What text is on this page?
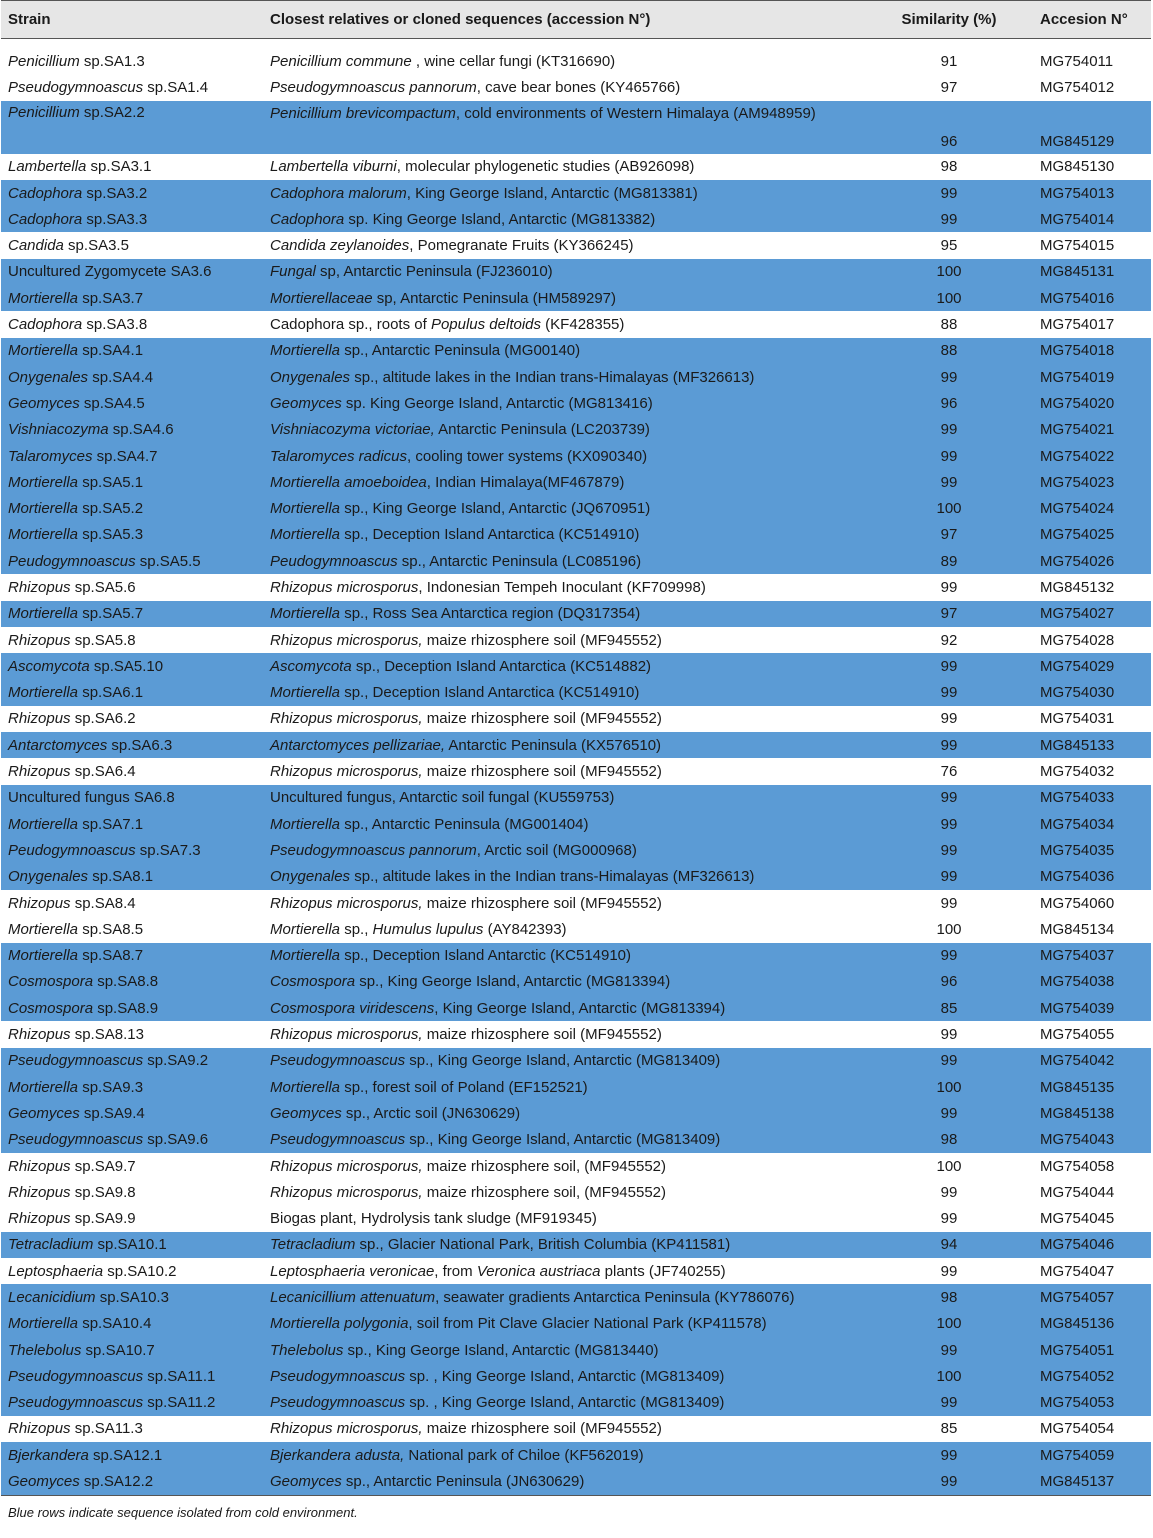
Strain	Closest relatives or cloned sequences (accession N°)	Similarity (%)	Accesion N°

Penicillium sp.SA1.3	Penicillium commune , wine cellar fungi (KT316690)	91	MG754011
Pseudogymnoascus sp.SA1.4	Pseudogymnoascus pannorum, cave bear bones (KY465766)	97	MG754012
Penicillium sp.SA2.2	Penicillium brevicompactum, cold environments of Western Himalaya (AM948959)	96	MG845129
Lambertella sp.SA3.1	Lambertella viburni, molecular phylogenetic studies (AB926098)	98	MG845130
Cadophora sp.SA3.2	Cadophora malorum, King George Island, Antarctic (MG813381)	99	MG754013
Cadophora sp.SA3.3	Cadophora sp. King George Island, Antarctic (MG813382)	99	MG754014
Candida sp.SA3.5	Candida zeylanoides, Pomegranate Fruits (KY366245)	95	MG754015
Uncultured Zygomycete SA3.6	Fungal sp, Antarctic Peninsula (FJ236010)	100	MG845131
Mortierella sp.SA3.7	Mortierellaceae sp, Antarctic Peninsula (HM589297)	100	MG754016
Cadophora sp.SA3.8	Cadophora sp., roots of Populus deltoids (KF428355)	88	MG754017
Mortierella sp.SA4.1	Mortierella sp., Antarctic Peninsula (MG00140)	88	MG754018
Onygenales sp.SA4.4	Onygenales sp., altitude lakes in the Indian trans-Himalayas (MF326613)	99	MG754019
Geomyces sp.SA4.5	Geomyces sp. King George Island, Antarctic (MG813416)	96	MG754020
Vishniacozyma sp.SA4.6	Vishniacozyma victoriae, Antarctic Peninsula (LC203739)	99	MG754021
Talaromyces sp.SA4.7	Talaromyces radicus, cooling tower systems (KX090340)	99	MG754022
Mortierella sp.SA5.1	Mortierella amoeboidea, Indian Himalaya(MF467879)	99	MG754023
Mortierella sp.SA5.2	Mortierella sp., King George Island, Antarctic (JQ670951)	100	MG754024
Mortierella sp.SA5.3	Mortierella sp., Deception Island Antarctica (KC514910)	97	MG754025
Peudogymnoascus sp.SA5.5	Peudogymnoascus sp., Antarctic Peninsula (LC085196)	89	MG754026
Rhizopus sp.SA5.6	Rhizopus microsporus, Indonesian Tempeh Inoculant (KF709998)	99	MG845132
Mortierella sp.SA5.7	Mortierella sp., Ross Sea Antarctica region (DQ317354)	97	MG754027
Rhizopus sp.SA5.8	Rhizopus microsporus, maize rhizosphere soil (MF945552)	92	MG754028
Ascomycota sp.SA5.10	Ascomycota sp., Deception Island Antarctica (KC514882)	99	MG754029
Mortierella sp.SA6.1	Mortierella sp., Deception Island Antarctica (KC514910)	99	MG754030
Rhizopus sp.SA6.2	Rhizopus microsporus, maize rhizosphere soil (MF945552)	99	MG754031
Antarctomyces sp.SA6.3	Antarctomyces pellizariae, Antarctic Peninsula (KX576510)	99	MG845133
Rhizopus sp.SA6.4	Rhizopus microsporus, maize rhizosphere soil (MF945552)	76	MG754032
Uncultured fungus SA6.8	Uncultured fungus, Antarctic soil fungal (KU559753)	99	MG754033
Mortierella sp.SA7.1	Mortierella sp., Antarctic Peninsula (MG001404)	99	MG754034
Peudogymnoascus sp.SA7.3	Pseudogymnoascus pannorum, Arctic soil (MG000968)	99	MG754035
Onygenales sp.SA8.1	Onygenales sp., altitude lakes in the Indian trans-Himalayas (MF326613)	99	MG754036
Rhizopus sp.SA8.4	Rhizopus microsporus, maize rhizosphere soil (MF945552)	99	MG754060
Mortierella sp.SA8.5	Mortierella sp., Humulus lupulus (AY842393)	100	MG845134
Mortierella sp.SA8.7	Mortierella sp., Deception Island Antarctic (KC514910)	99	MG754037
Cosmospora sp.SA8.8	Cosmospora sp., King George Island, Antarctic (MG813394)	96	MG754038
Cosmospora sp.SA8.9	Cosmospora viridescens, King George Island, Antarctic (MG813394)	85	MG754039
Rhizopus sp.SA8.13	Rhizopus microsporus, maize rhizosphere soil (MF945552)	99	MG754055
Pseudogymnoascus sp.SA9.2	Pseudogymnoascus sp., King George Island, Antarctic (MG813409)	99	MG754042
Mortierella sp.SA9.3	Mortierella sp., forest soil of Poland (EF152521)	100	MG845135
Geomyces sp.SA9.4	Geomyces sp., Arctic soil (JN630629)	99	MG845138
Pseudogymnoascus sp.SA9.6	Pseudogymnoascus sp., King George Island, Antarctic (MG813409)	98	MG754043
Rhizopus sp.SA9.7	Rhizopus microsporus, maize rhizosphere soil, (MF945552)	100	MG754058
Rhizopus sp.SA9.8	Rhizopus microsporus, maize rhizosphere soil, (MF945552)	99	MG754044
Rhizopus sp.SA9.9	Biogas plant, Hydrolysis tank sludge (MF919345)	99	MG754045
Tetracladium sp.SA10.1	Tetracladium sp., Glacier National Park, British Columbia (KP411581)	94	MG754046
Leptosphaeria sp.SA10.2	Leptosphaeria veronicae, from Veronica austriaca plants (JF740255)	99	MG754047
Lecanicidium sp.SA10.3	Lecanicillium attenuatum, seawater gradients Antarctica Peninsula (KY786076)	98	MG754057
Mortierella sp.SA10.4	Mortierella polygonia, soil from Pit Clave Glacier National Park (KP411578)	100	MG845136
Thelebolus sp.SA10.7	Thelebolus sp., King George Island, Antarctic (MG813440)	99	MG754051
Pseudogymnoascus sp.SA11.1	Pseudogymnoascus sp. , King George Island, Antarctic (MG813409)	100	MG754052
Pseudogymnoascus sp.SA11.2	Pseudogymnoascus sp. , King George Island, Antarctic (MG813409)	99	MG754053
Rhizopus sp.SA11.3	Rhizopus microsporus, maize rhizosphere soil (MF945552)	85	MG754054
Bjerkandera sp.SA12.1	Bjerkandera adusta, National park of Chiloe (KF562019)	99	MG754059
Geomyces sp.SA12.2	Geomyces sp., Antarctic Peninsula (JN630629)	99	MG845137
Blue rows indicate sequence isolated from cold environment.
